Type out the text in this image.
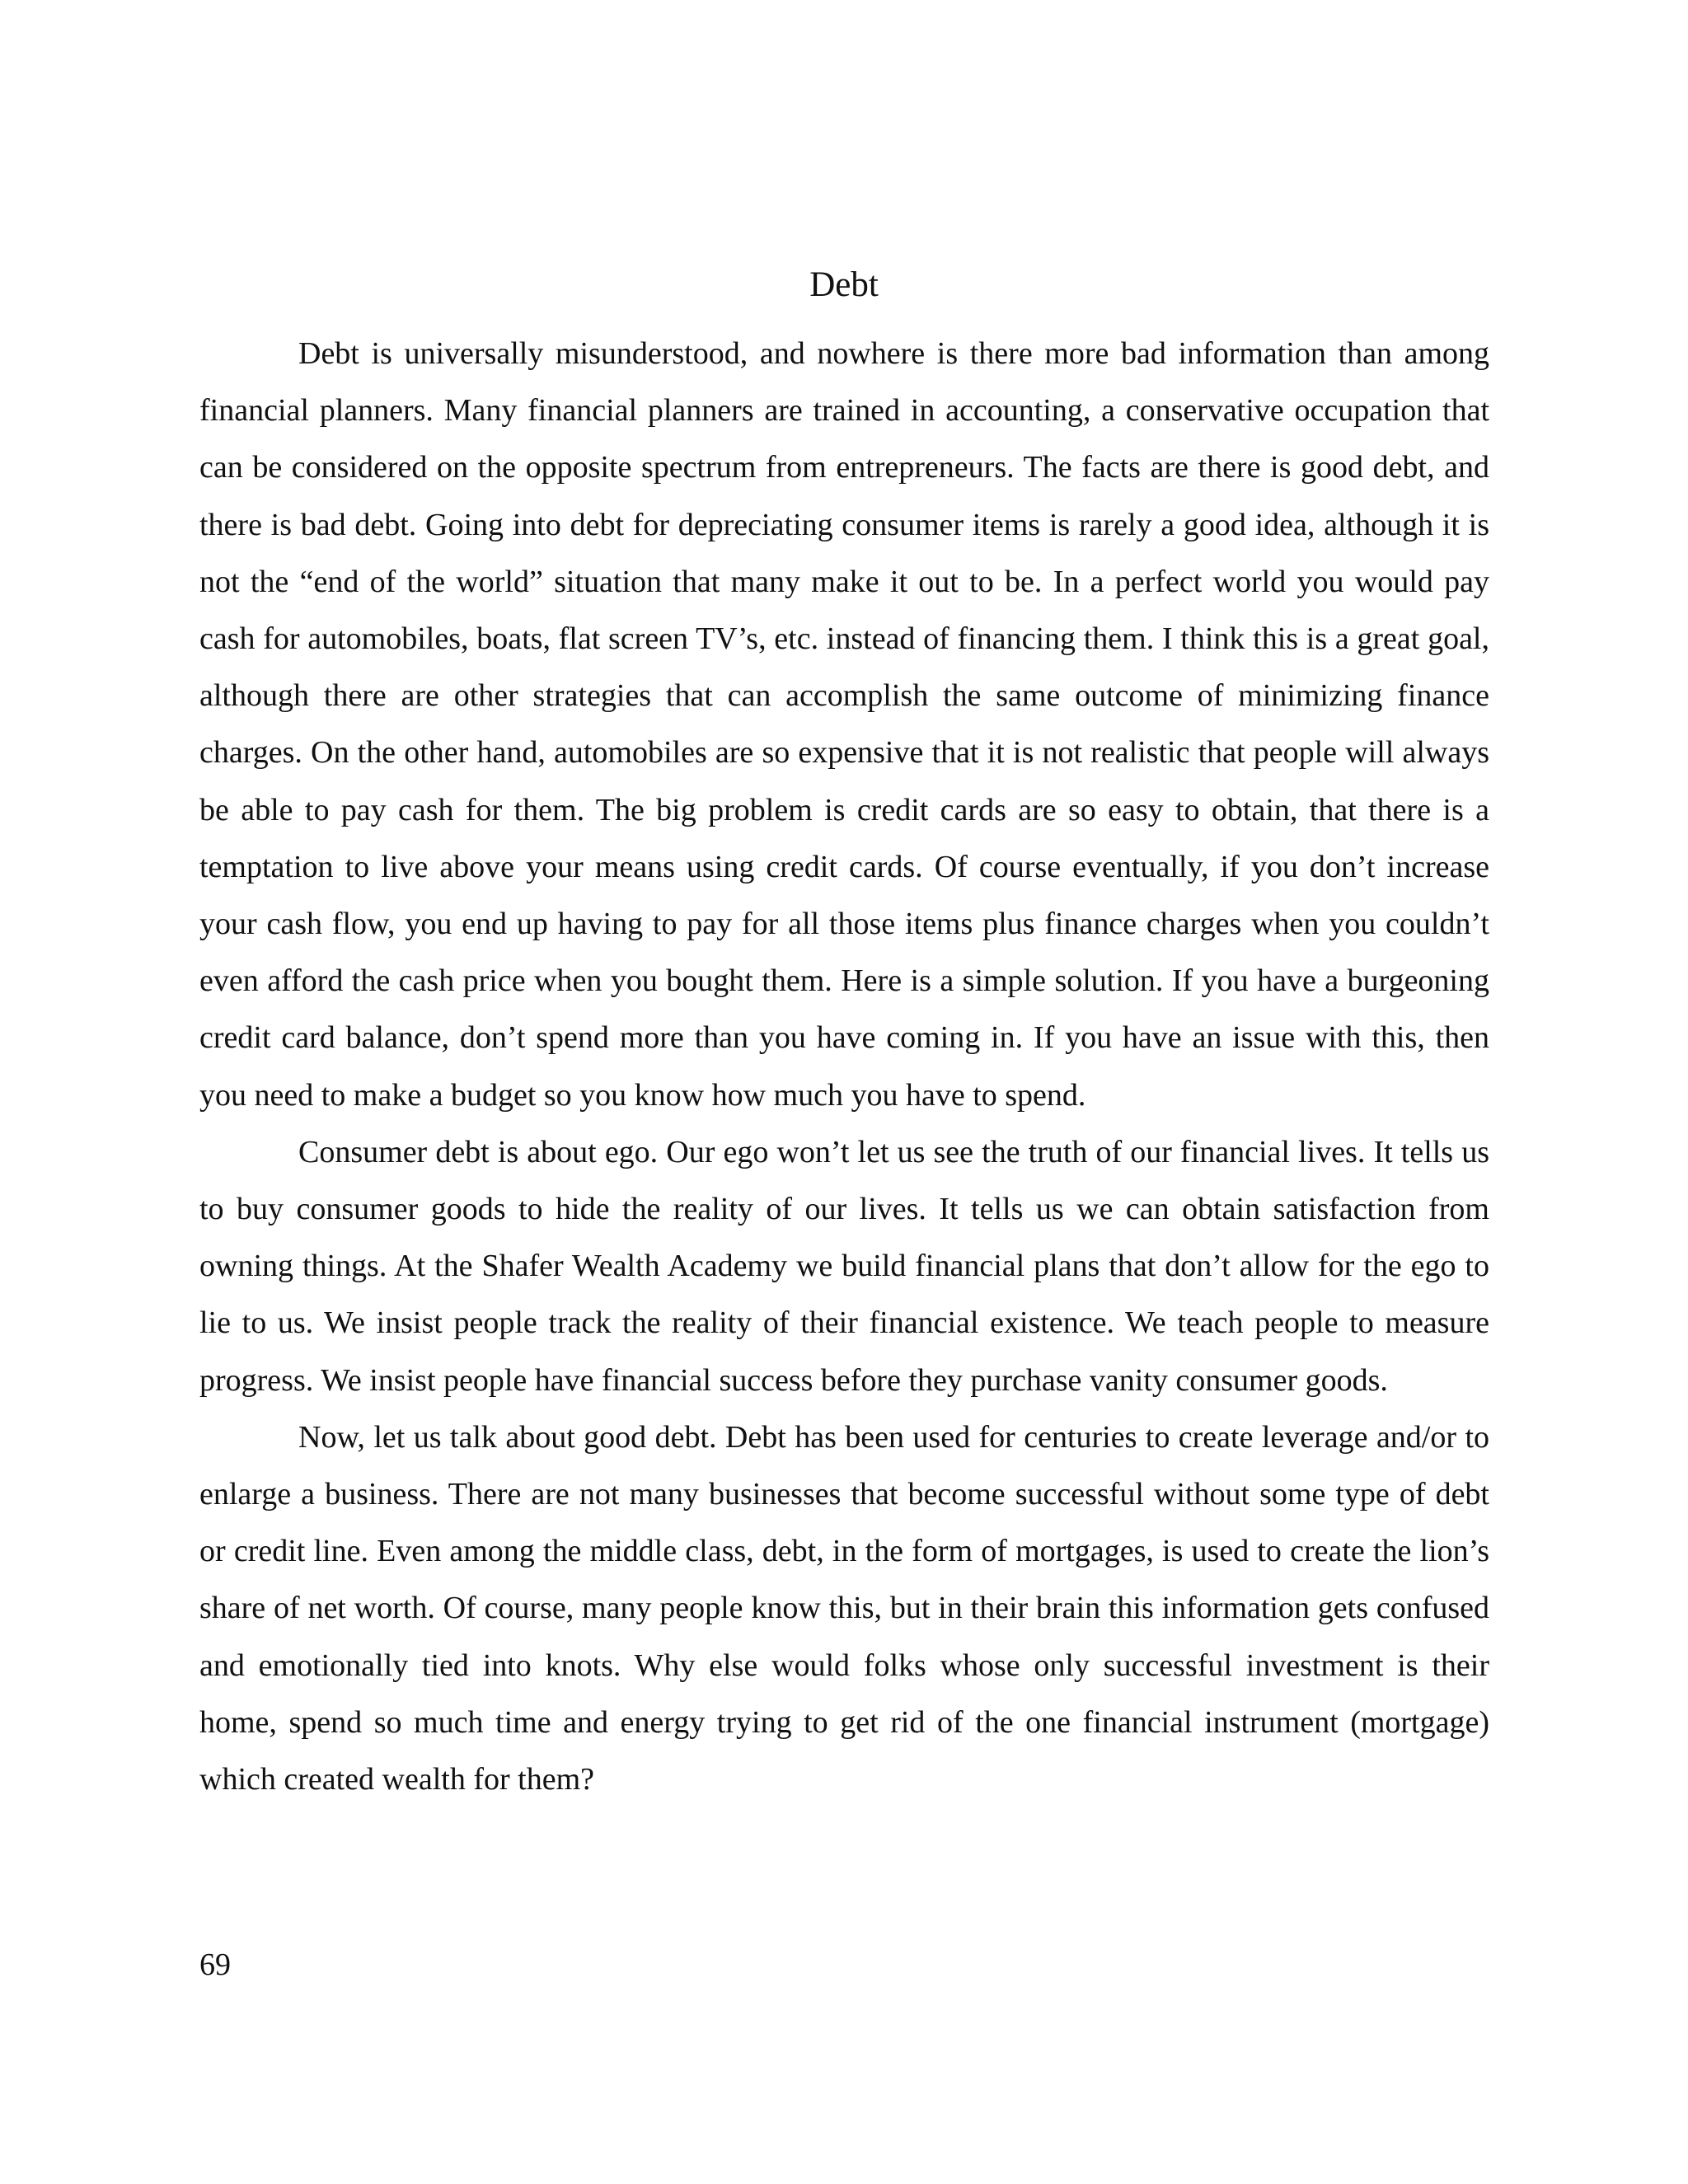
Debt

Debt is universally misunderstood, and nowhere is there more bad information than among financial planners. Many financial planners are trained in accounting, a conservative occupation that can be considered on the opposite spectrum from entrepreneurs. The facts are there is good debt, and there is bad debt. Going into debt for depreciating consumer items is rarely a good idea, although it is not the “end of the world” situation that many make it out to be. In a perfect world you would pay cash for automobiles, boats, flat screen TV’s, etc. instead of financing them. I think this is a great goal, although there are other strategies that can accomplish the same outcome of minimizing finance charges. On the other hand, automobiles are so expensive that it is not realistic that people will always be able to pay cash for them. The big problem is credit cards are so easy to obtain, that there is a temptation to live above your means using credit cards. Of course eventually, if you don’t increase your cash flow, you end up having to pay for all those items plus finance charges when you couldn’t even afford the cash price when you bought them. Here is a simple solution. If you have a burgeoning credit card balance, don’t spend more than you have coming in. If you have an issue with this, then you need to make a budget so you know how much you have to spend.

Consumer debt is about ego. Our ego won’t let us see the truth of our financial lives. It tells us to buy consumer goods to hide the reality of our lives. It tells us we can obtain satisfaction from owning things. At the Shafer Wealth Academy we build financial plans that don’t allow for the ego to lie to us. We insist people track the reality of their financial existence. We teach people to measure progress. We insist people have financial success before they purchase vanity consumer goods.

Now, let us talk about good debt. Debt has been used for centuries to create leverage and/or to enlarge a business. There are not many businesses that become successful without some type of debt or credit line. Even among the middle class, debt, in the form of mortgages, is used to create the lion’s share of net worth. Of course, many people know this, but in their brain this information gets confused and emotionally tied into knots. Why else would folks whose only successful investment is their home, spend so much time and energy trying to get rid of the one financial instrument (mortgage) which created wealth for them?

69
